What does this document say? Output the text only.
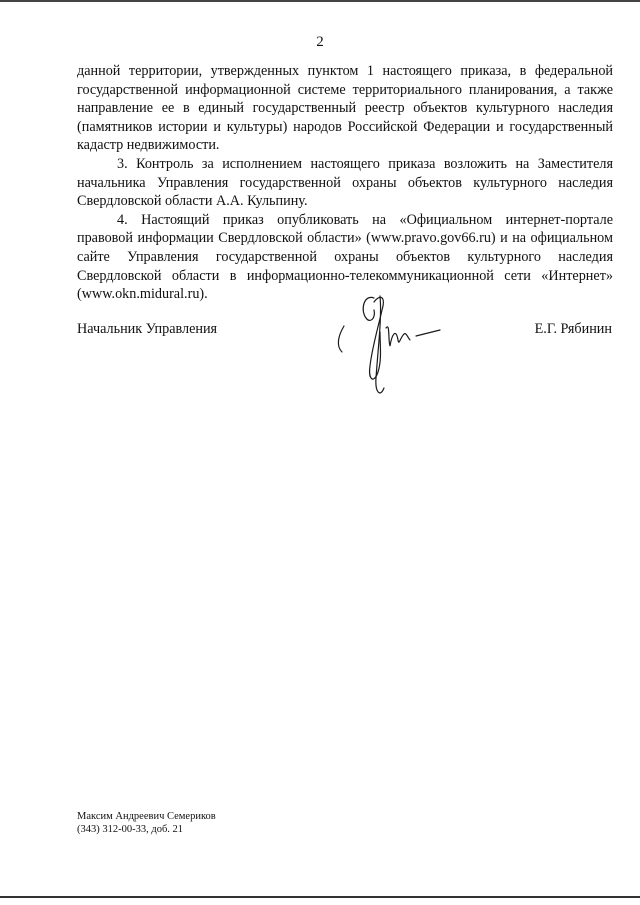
2

данной территории, утвержденных пунктом 1 настоящего приказа, в федеральной государственной информационной системе территориального планирования, а также направление ее в единый государственный реестр объектов культурного наследия (памятников истории и культуры) народов Российской Федерации и государственный кадастр недвижимости.

3. Контроль за исполнением настоящего приказа возложить на Заместителя начальника Управления государственной охраны объектов культурного наследия Свердловской области А.А. Кульпину.

4. Настоящий приказ опубликовать на «Официальном интернет-портале правовой информации Свердловской области» (www.pravo.gov66.ru) и на официальном сайте Управления государственной охраны объектов культурного наследия Свердловской области в информационно-телекоммуникационной сети «Интернет» (www.okn.midural.ru).

Начальник Управления	Е.Г. Рябинин
Максим Андреевич Семериков
(343) 312-00-33, доб. 21
